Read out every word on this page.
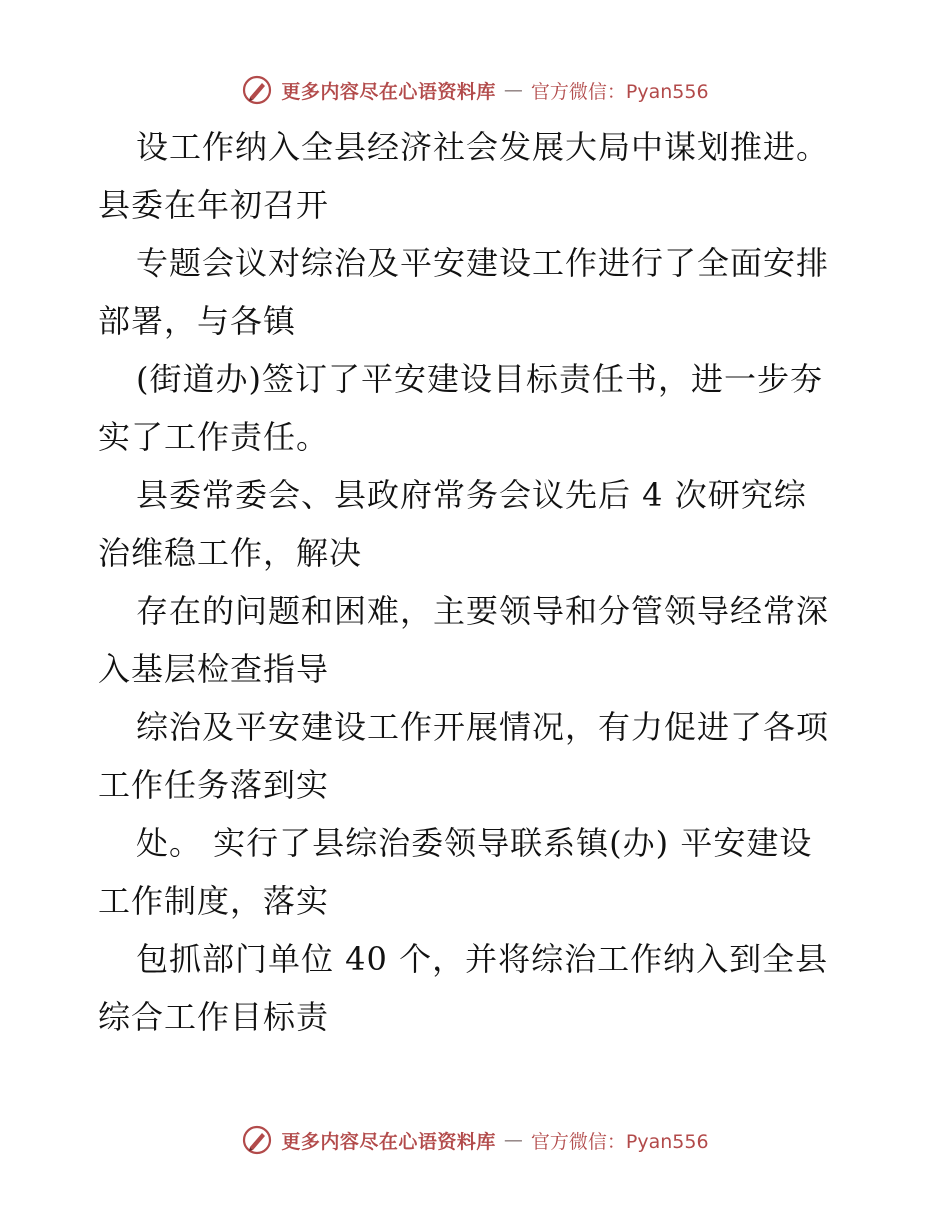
更多内容尽在心语资料库 — 官方微信：Pyan556
设工作纳入全县经济社会发展大局中谋划推进。
县委在年初召开
专题会议对综治及平安建设工作进行了全面安排
部署，与各镇
(街道办)签订了平安建设目标责任书，进一步夯
实了工作责任。
县委常委会、县政府常务会议先后 4 次研究综
治维稳工作，解决
存在的问题和困难，主要领导和分管领导经常深
入基层检查指导
综治及平安建设工作开展情况，有力促进了各项
工作任务落到实
处。 实行了县综治委领导联系镇(办) 平安建设
工作制度，落实
包抓部门单位 40 个，并将综治工作纳入到全县
综合工作目标责
更多内容尽在心语资料库 — 官方微信：Pyan556
